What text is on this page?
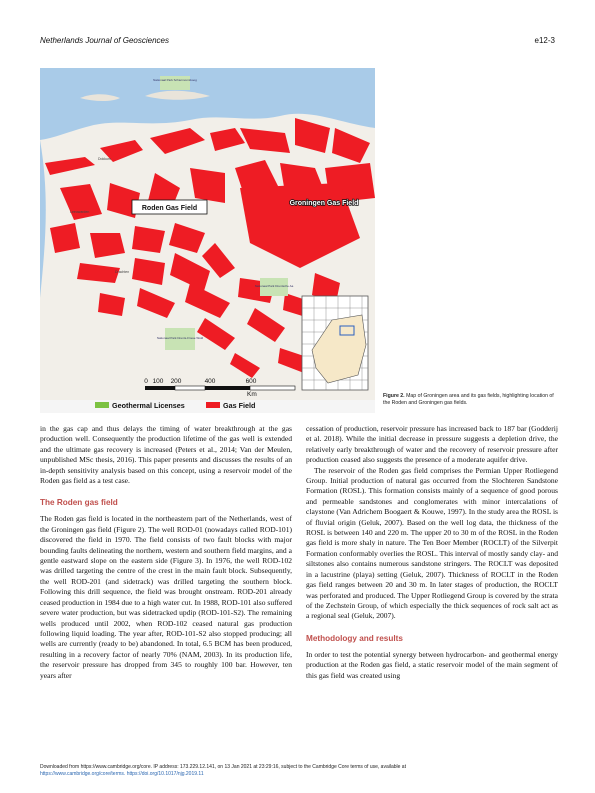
Netherlands Journal of Geosciences	e12-3
Roden Gas Field
Groningen Gas Field
Nationaal Park Schiermonnikoog
Nationaal Park Drentsche Aa
Nationaal Park Drents-Friese Wold
Dokkum
Leeuwarden
Drachten
0 100 200	400	600
Km
Geothermal Licenses	Gas Field
Figure 2. Map of Groningen area and its gas fields, highlighting location of the Roden and Groningen gas fields.

in the gas cap and thus delays the timing of water breakthrough at the gas production well. Consequently the production lifetime of the gas well is extended and the ultimate gas recovery is increased (Peters et al., 2014; Van der Meulen, unpublished MSc thesis, 2016). This paper presents and discusses the results of an in-depth sensitivity analysis based on this concept, using a reservoir model of the Roden gas field as a test case.

The Roden gas field

The Roden gas field is located in the northeastern part of the Netherlands, west of the Groningen gas field (Figure 2). The well ROD-01 (nowadays called ROD-101) discovered the field in 1970. The field consists of two fault blocks with major bounding faults delineating the northern, western and southern field margins, and a gentle eastward slope on the eastern side (Figure 3). In 1976, the well ROD-102 was drilled targeting the centre of the crest in the main fault block. Subsequently, the well ROD-201 (and sidetrack) was drilled targeting the southern block. Following this drill sequence, the field was brought onstream. ROD-201 already ceased production in 1984 due to a high water cut. In 1988, ROD-101 also suffered severe water production, but was sidetracked updip (ROD-101-S2). The remaining wells produced until 2002, when ROD-102 ceased natural gas production following liquid loading. The year after, ROD-101-S2 also stopped producing; all wells are currently (ready to be) abandoned. In total, 6.5 BCM has been produced, resulting in a recovery factor of nearly 70% (NAM, 2003). In its production life, the reservoir pressure has dropped from 345 to roughly 100 bar. However, ten years after

cessation of production, reservoir pressure has increased back to 187 bar (Godderij et al. 2018). While the initial decrease in pressure suggests a depletion drive, the relatively early breakthrough of water and the recovery of reservoir pressure after production ceased also suggests the presence of a moderate aquifer drive.

The reservoir of the Roden gas field comprises the Permian Upper Rotliegend Group. Initial production of natural gas occurred from the Slochteren Sandstone Formation (ROSL). This formation consists mainly of a sequence of good porous and permeable sandstones and conglomerates with minor intercalations of claystone (Van Adrichem Boogaert & Kouwe, 1997). In the study area the ROSL is of fluvial origin (Geluk, 2007). Based on the well log data, the thickness of the ROSL is between 140 and 220 m. The upper 20 to 30 m of the ROSL in the Roden gas field is more shaly in nature. The Ten Boer Member (ROCLT) of the Silverpit Formation conformably overlies the ROSL. This interval of mostly sandy clay- and siltstones also contains numerous sandstone stringers. The ROCLT was deposited in a lacustrine (playa) setting (Geluk, 2007). Thickness of ROCLT in the Roden gas field ranges between 20 and 30 m. In later stages of production, the ROCLT was perforated and produced. The Upper Rotliegend Group is covered by the strata of the Zechstein Group, of which especially the thick sequences of rock salt act as a regional seal (Geluk, 2007).

Methodology and results

In order to test the potential synergy between hydrocarbon- and geothermal energy production at the Roden gas field, a static reservoir model of the main segment of this gas field was created using

Downloaded from https://www.cambridge.org/core. IP address: 173.229.12.141, on 13 Jan 2021 at 23:29:16, subject to the Cambridge Core terms of use, available at
https://www.cambridge.org/core/terms. https://doi.org/10.1017/njg.2019.11
